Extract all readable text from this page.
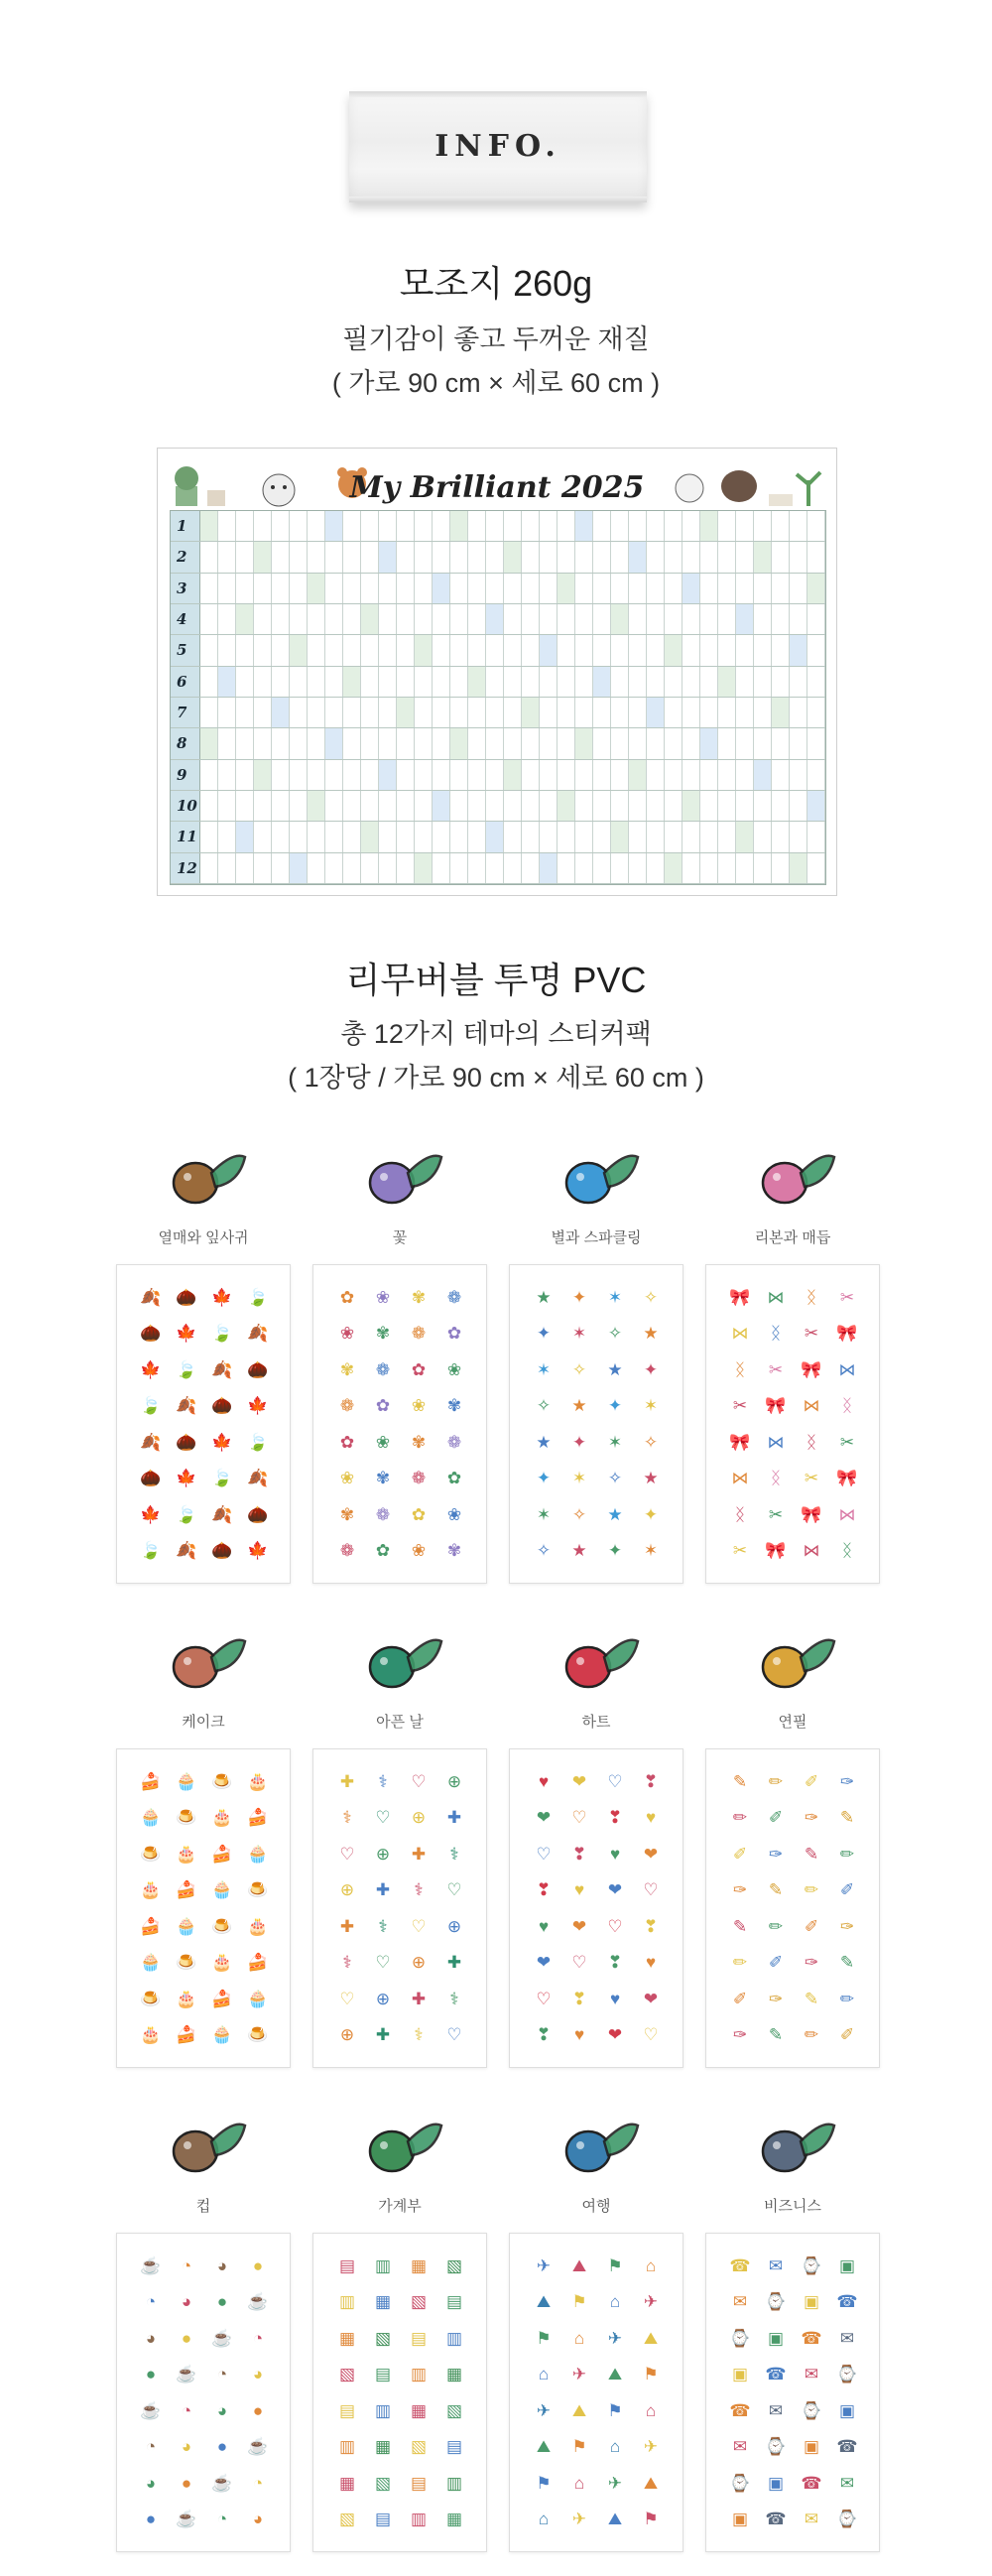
INFO.
모조지 260g
필기감이 좋고 두꺼운 재질
( 가로 90 cm × 세로 60 cm )
My Brilliant 2025
1
2
3
4
5
6
7
8
9
10
11
12
리무버블 투명 PVC
총 12가지 테마의 스티커팩
( 1장당 / 가로 90 cm × 세로 60 cm )
열매와 잎사귀
🍂 🌰 🍁 🍃
🌰 🍁 🍃 🍂
🍁 🍃 🍂 🌰
🍃 🍂 🌰 🍁
🍂 🌰 🍁 🍃
🌰 🍁 🍃 🍂
🍁 🍃 🍂 🌰
🍃 🍂 🌰 🍁
꽃
✿ ❀ ✾ ❁
❀ ✾ ❁ ✿
✾ ❁ ✿ ❀
❁ ✿ ❀ ✾
✿ ❀ ✾ ❁
❀ ✾ ❁ ✿
✾ ❁ ✿ ❀
❁ ✿ ❀ ✾
별과 스파클링
★ ✦ ✶ ✧
✦ ✶ ✧ ★
✶ ✧ ★ ✦
✧ ★ ✦ ✶
★ ✦ ✶ ✧
✦ ✶ ✧ ★
✶ ✧ ★ ✦
✧ ★ ✦ ✶
리본과 매듭
🎀 ⋈	ᛝ	✂
⋈	ᛝ	✂ 🎀
ᛝ	✂ 🎀 ⋈
✂ 🎀 ⋈	ᛝ
🎀 ⋈	ᛝ	✂
⋈	ᛝ	✂ 🎀
ᛝ	✂ 🎀 ⋈
✂ 🎀 ⋈	ᛝ
케이크
🍰 🧁 🍮 🎂
🧁 🍮 🎂 🍰
🍮 🎂 🍰 🧁
🎂 🍰 🧁 🍮
🍰 🧁 🍮 🎂
🧁 🍮 🎂 🍰
🍮 🎂 🍰 🧁
🎂 🍰 🧁 🍮
아픈 날
✚	⚕	♡ ⊕
⚕	♡ ⊕ ✚
♡ ⊕ ✚	⚕
⊕ ✚	⚕	♡
✚	⚕	♡ ⊕
⚕	♡ ⊕ ✚
♡ ⊕ ✚	⚕
⊕ ✚	⚕	♡
하트
♥	❤ ♡ ❣
❤ ♡ ❣	♥
♡ ❣	♥	❤
❣	♥	❤ ♡
♥	❤ ♡ ❣
❤ ♡ ❣	♥
♡ ❣	♥	❤
❣	♥	❤ ♡
연필
✎ ✏ ✐ ✑
✏ ✐ ✑ ✎
✐ ✑ ✎ ✏
✑ ✎ ✏ ✐
✎ ✏ ✐ ✑
✏ ✐ ✑ ✎
✐ ✑ ✎ ✏
✑ ✎ ✏ ✐
컵
☕	◔	◕	●
◔	◕	●	☕
◕	●	☕	◔
●	☕	◔	◕
☕	◔	◕	●
◔	◕	●	☕
◕	●	☕	◔
●	☕	◔	◕
가계부
▤ ▥ ▦ ▧
▥ ▦ ▧ ▤
▦ ▧ ▤ ▥
▧ ▤ ▥ ▦
▤ ▥ ▦ ▧
▥ ▦ ▧ ▤
▦ ▧ ▤ ▥
▧ ▤ ▥ ▦
여행
✈ ⛰ ⚑	⌂
⛰ ⚑	⌂	✈
⚑	⌂	✈ ⛰
⌂	✈ ⛰ ⚑
✈ ⛰ ⚑	⌂
⛰ ⚑	⌂	✈
⚑	⌂	✈ ⛰
⌂	✈ ⛰ ⚑
비즈니스
☎ ✉ ⌚ ▣
✉ ⌚ ▣ ☎
⌚ ▣ ☎ ✉
▣ ☎ ✉ ⌚
☎ ✉ ⌚ ▣
✉ ⌚ ▣ ☎
⌚ ▣ ☎ ✉
▣ ☎ ✉ ⌚
